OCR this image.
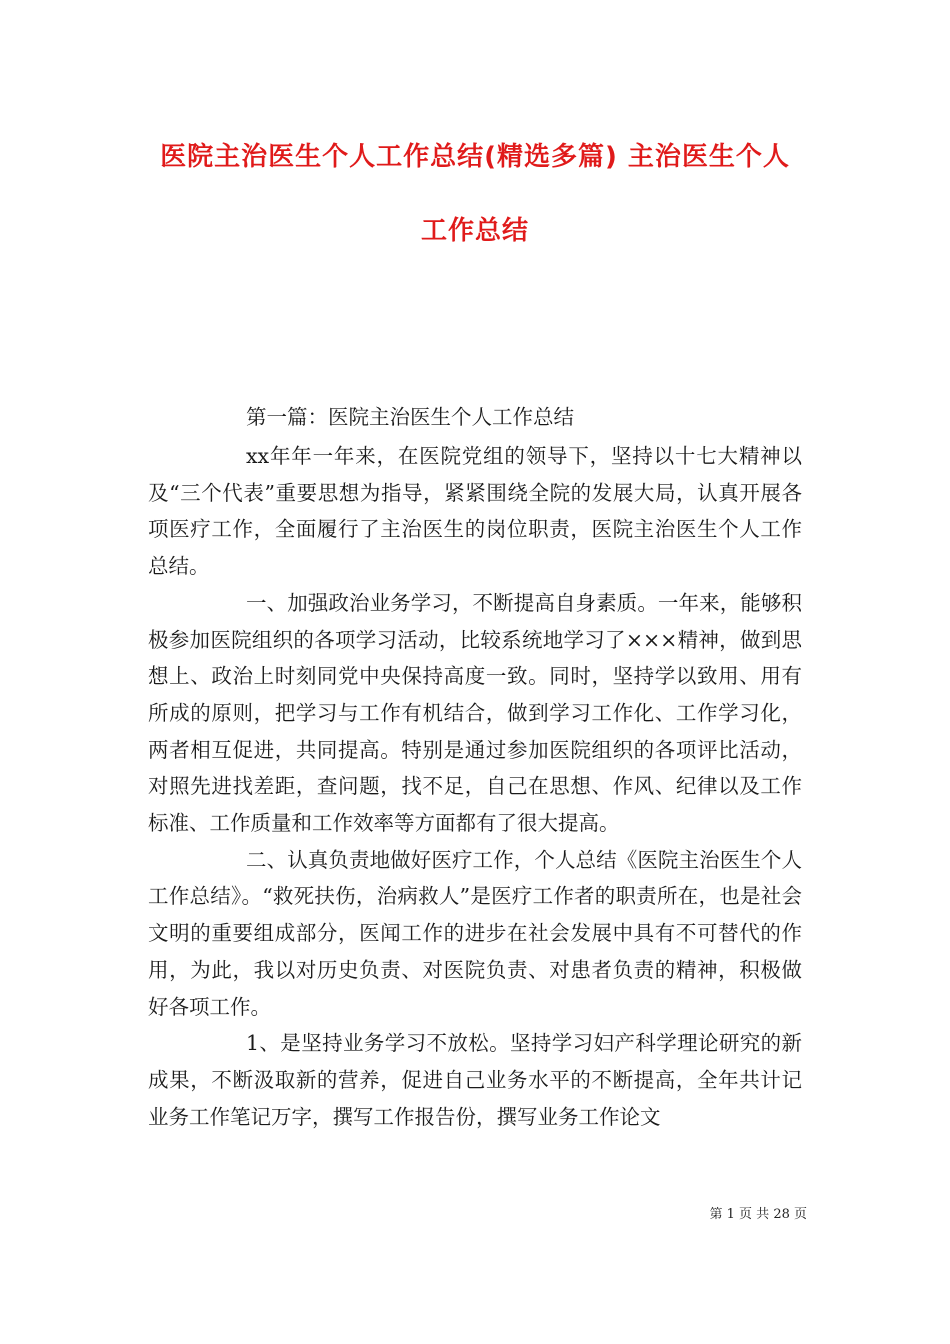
医院主治医生个人工作总结(精选多篇) 主治医生个人
工作总结
第一篇：医院主治医生个人工作总结

xx年年一年来，在医院党组的领导下，坚持以十七大精神以及“三个代表”重要思想为指导，紧紧围绕全院的发展大局，认真开展各项医疗工作，全面履行了主治医生的岗位职责，医院主治医生个人工作总结。

一、加强政治业务学习，不断提高自身素质。一年来，能够积极参加医院组织的各项学习活动，比较系统地学习了×××精神，做到思想上、政治上时刻同党中央保持高度一致。同时，坚持学以致用、用有所成的原则，把学习与工作有机结合，做到学习工作化、工作学习化，两者相互促进，共同提高。特别是通过参加医院组织的各项评比活动，对照先进找差距，查问题，找不足，自己在思想、作风、纪律以及工作标准、工作质量和工作效率等方面都有了很大提高。

二、认真负责地做好医疗工作，个人总结《医院主治医生个人工作总结》。“救死扶伤，治病救人”是医疗工作者的职责所在，也是社会文明的重要组成部分，医闻工作的进步在社会发展中具有不可替代的作用，为此，我以对历史负责、对医院负责、对患者负责的精神，积极做好各项工作。

1、是坚持业务学习不放松。坚持学习妇产科学理论研究的新成果，不断汲取新的营养，促进自己业务水平的不断提高，全年共计记业务工作笔记万字，撰写工作报告份，撰写业务工作论文

第 1 页 共 28 页
